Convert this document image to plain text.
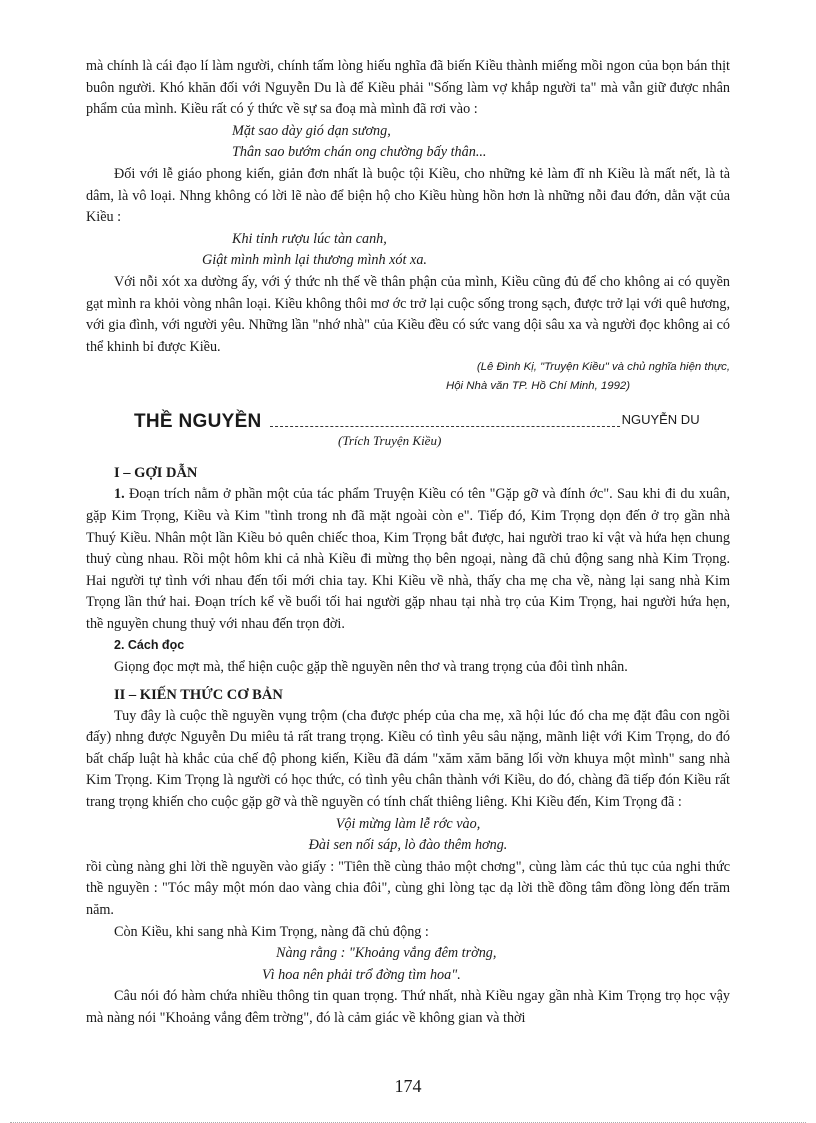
mà chính là cái đạo lí làm người, chính tấm lòng hiếu nghĩa đã biến Kiều thành miếng mồi ngon của bọn bán thịt buôn người. Khó khăn đối với Nguyễn Du là để Kiều phải "Sống làm vợ khắp người ta" mà vẫn giữ được nhân phẩm của mình. Kiều rất có ý thức về sự sa đoạ mà mình đã rơi vào :

Mặt sao dày gió dạn sương,

Thân sao bướm chán ong chường bấy thân...

Đối với lễ giáo phong kiến, giản đơn nhất là buộc tội Kiều, cho những kẻ làm đĩ nh Kiều là mất nết, là tà dâm, là vô loại. Nhng không có lời lẽ nào để biện hộ cho Kiều hùng hồn hơn là những nỗi đau đớn, dằn vặt của Kiều :

Khi tỉnh rượu lúc tàn canh,

Giật mình mình lại thương mình xót xa.

Với nỗi xót xa dường ấy, với ý thức nh thế về thân phận của mình, Kiều cũng đủ để cho không ai có quyền gạt mình ra khỏi vòng nhân loại. Kiều không thôi mơ ớc trở lại cuộc sống trong sạch, được trở lại với quê hương, với gia đình, với người yêu. Những lần "nhớ nhà" của Kiều đều có sức vang dội sâu xa và người đọc không ai có thể khinh bỉ được Kiều.

(Lê Đình Kị, "Truyện Kiều" và chủ nghĩa hiện thực,

Hội Nhà văn TP. Hồ Chí Minh, 1992)

THỀ NGUYỀN	NGUYỄN DU

(Trích Truyện Kiều)

I – GỢI DẪN

1. Đoạn trích nằm ở phần một của tác phẩm Truyện Kiều có tên "Gặp gỡ và đính ớc". Sau khi đi du xuân, gặp Kim Trọng, Kiều và Kim "tình trong nh đã mặt ngoài còn e". Tiếp đó, Kim Trọng dọn đến ở trọ gần nhà Thuý Kiều. Nhân một lần Kiều bỏ quên chiếc thoa, Kim Trọng bắt được, hai người trao kỉ vật và hứa hẹn chung thuỷ cùng nhau. Rồi một hôm khi cả nhà Kiều đi mừng thọ bên ngoại, nàng đã chủ động sang nhà Kim Trọng. Hai người tự tình với nhau đến tối mới chia tay. Khi Kiều về nhà, thấy cha mẹ cha về, nàng lại sang nhà Kim Trọng lần thứ hai. Đoạn trích kể về buổi tối hai người gặp nhau tại nhà trọ của Kim Trọng, hai người hứa hẹn, thề nguyền chung thuỷ với nhau đến trọn đời.

2. Cách đọc

Giọng đọc mợt mà, thể hiện cuộc gặp thề nguyền nên thơ và trang trọng của đôi tình nhân.

II – KIẾN THỨC CƠ BẢN

Tuy đây là cuộc thề nguyền vụng trộm (cha được phép của cha mẹ, xã hội lúc đó cha mẹ đặt đâu con ngồi đấy) nhng được Nguyễn Du miêu tả rất trang trọng. Kiều có tình yêu sâu nặng, mãnh liệt với Kim Trọng, do đó bất chấp luật hà khắc của chế độ phong kiến, Kiều đã dám "xăm xăm băng lối vờn khuya một mình" sang nhà Kim Trọng. Kim Trọng là người có học thức, có tình yêu chân thành với Kiều, do đó, chàng đã tiếp đón Kiều rất trang trọng khiến cho cuộc gặp gỡ và thề nguyền có tính chất thiêng liêng. Khi Kiều đến, Kim Trọng đã :

Vội mừng làm lễ rớc vào,

Đài sen nối sáp, lò đào thêm hơng.

rồi cùng nàng ghi lời thề nguyền vào giấy : "Tiên thề cùng thảo một chơng", cùng làm các thủ tục của nghi thức thề nguyền : "Tóc mây một món dao vàng chia đôi", cùng ghi lòng tạc dạ lời thề đồng tâm đồng lòng đến trăm năm.

Còn Kiều, khi sang nhà Kim Trọng, nàng đã chủ động :

Nàng rằng : "Khoảng vắng đêm trờng,

Vì hoa nên phải trổ đờng tìm hoa".

Câu nói đó hàm chứa nhiều thông tin quan trọng. Thứ nhất, nhà Kiều ngay gần nhà Kim Trọng trọ học vậy mà nàng nói "Khoảng vắng đêm trờng", đó là cảm giác về không gian và thời

174
